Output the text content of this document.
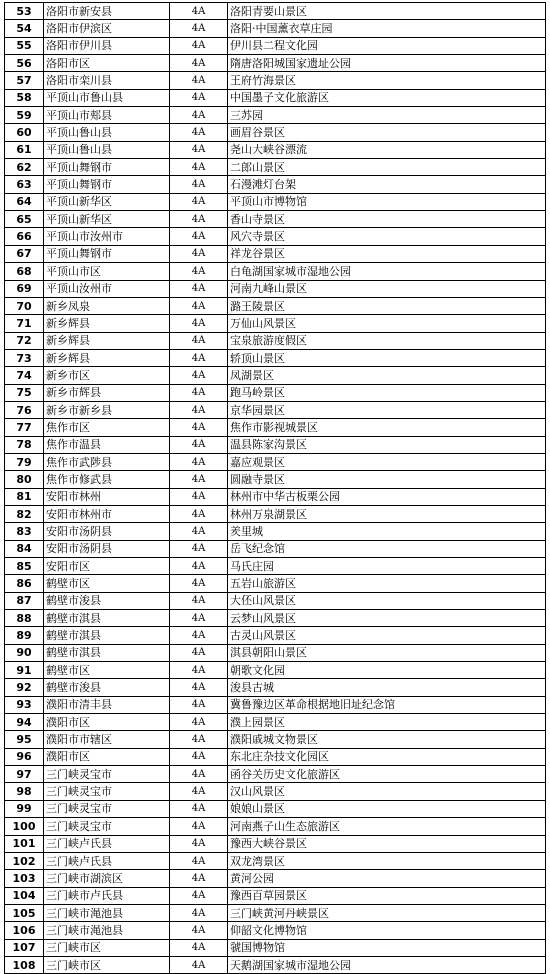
53	洛阳市新安县	4A	洛阳青要山景区
54	洛阳市伊滨区	4A	洛阳·中国薰衣草庄园
55	洛阳市伊川县	4A	伊川县二程文化园
56	洛阳市区	4A	隋唐洛阳城国家遗址公园
57	洛阳市栾川县	4A	王府竹海景区
58	平顶山市鲁山县	4A	中国墨子文化旅游区
59	平顶山市郏县	4A	三苏园
60	平顶山鲁山县	4A	画眉谷景区
61	平顶山鲁山县	4A	尧山大峡谷漂流
62	平顶山舞钢市	4A	二郎山景区
63	平顶山舞钢市	4A	石漫滩灯台架
64	平顶山新华区	4A	平顶山市博物馆
65	平顶山新华区	4A	香山寺景区
66	平顶山市汝州市	4A	风穴寺景区
67	平顶山舞钢市	4A	祥龙谷景区
68	平顶山市区	4A	白龟湖国家城市湿地公园
69	平顶山汝州市	4A	河南九峰山景区
70	新乡凤泉	4A	潞王陵景区
71	新乡辉县	4A	万仙山风景区
72	新乡辉县	4A	宝泉旅游度假区
73	新乡辉县	4A	轿顶山景区
74	新乡市区	4A	凤湖景区
75	新乡市辉县	4A	跑马岭景区
76	新乡市新乡县	4A	京华园景区
77	焦作市区	4A	焦作市影视城景区
78	焦作市温县	4A	温县陈家沟景区
79	焦作市武陟县	4A	嘉应观景区
80	焦作市修武县	4A	圆融寺景区
81	安阳市林州	4A	林州市中华古板栗公园
82	安阳市林州市	4A	林州万泉湖景区
83	安阳市汤阴县	4A	羑里城
84	安阳市汤阴县	4A	岳飞纪念馆
85	安阳市区	4A	马氏庄园
86	鹤壁市区	4A	五岩山旅游区
87	鹤壁市浚县	4A	大伾山风景区
88	鹤壁市淇县	4A	云梦山风景区
89	鹤壁市淇县	4A	古灵山风景区
90	鹤壁市淇县	4A	淇县朝阳山景区
91	鹤壁市区	4A	朝歌文化园
92	鹤壁市浚县	4A	浚县古城
93	濮阳市清丰县	4A	冀鲁豫边区革命根据地旧址纪念馆
94	濮阳市区	4A	濮上园景区
95	濮阳市市辖区	4A	濮阳戚城文物景区
96	濮阳市区	4A	东北庄杂技文化园区
97	三门峡灵宝市	4A	函谷关历史文化旅游区
98	三门峡灵宝市	4A	汉山风景区
99	三门峡灵宝市	4A	娘娘山景区
100	三门峡灵宝市	4A	河南燕子山生态旅游区
101	三门峡卢氏县	4A	豫西大峡谷景区
102	三门峡卢氏县	4A	双龙湾景区
103	三门峡市湖滨区	4A	黄河公园
104	三门峡市卢氏县	4A	豫西百草园景区
105	三门峡市渑池县	4A	三门峡黄河丹峡景区
106	三门峡市渑池县	4A	仰韶文化博物馆
107	三门峡市区	4A	虢国博物馆
108	三门峡市区	4A	天鹅湖国家城市湿地公园
